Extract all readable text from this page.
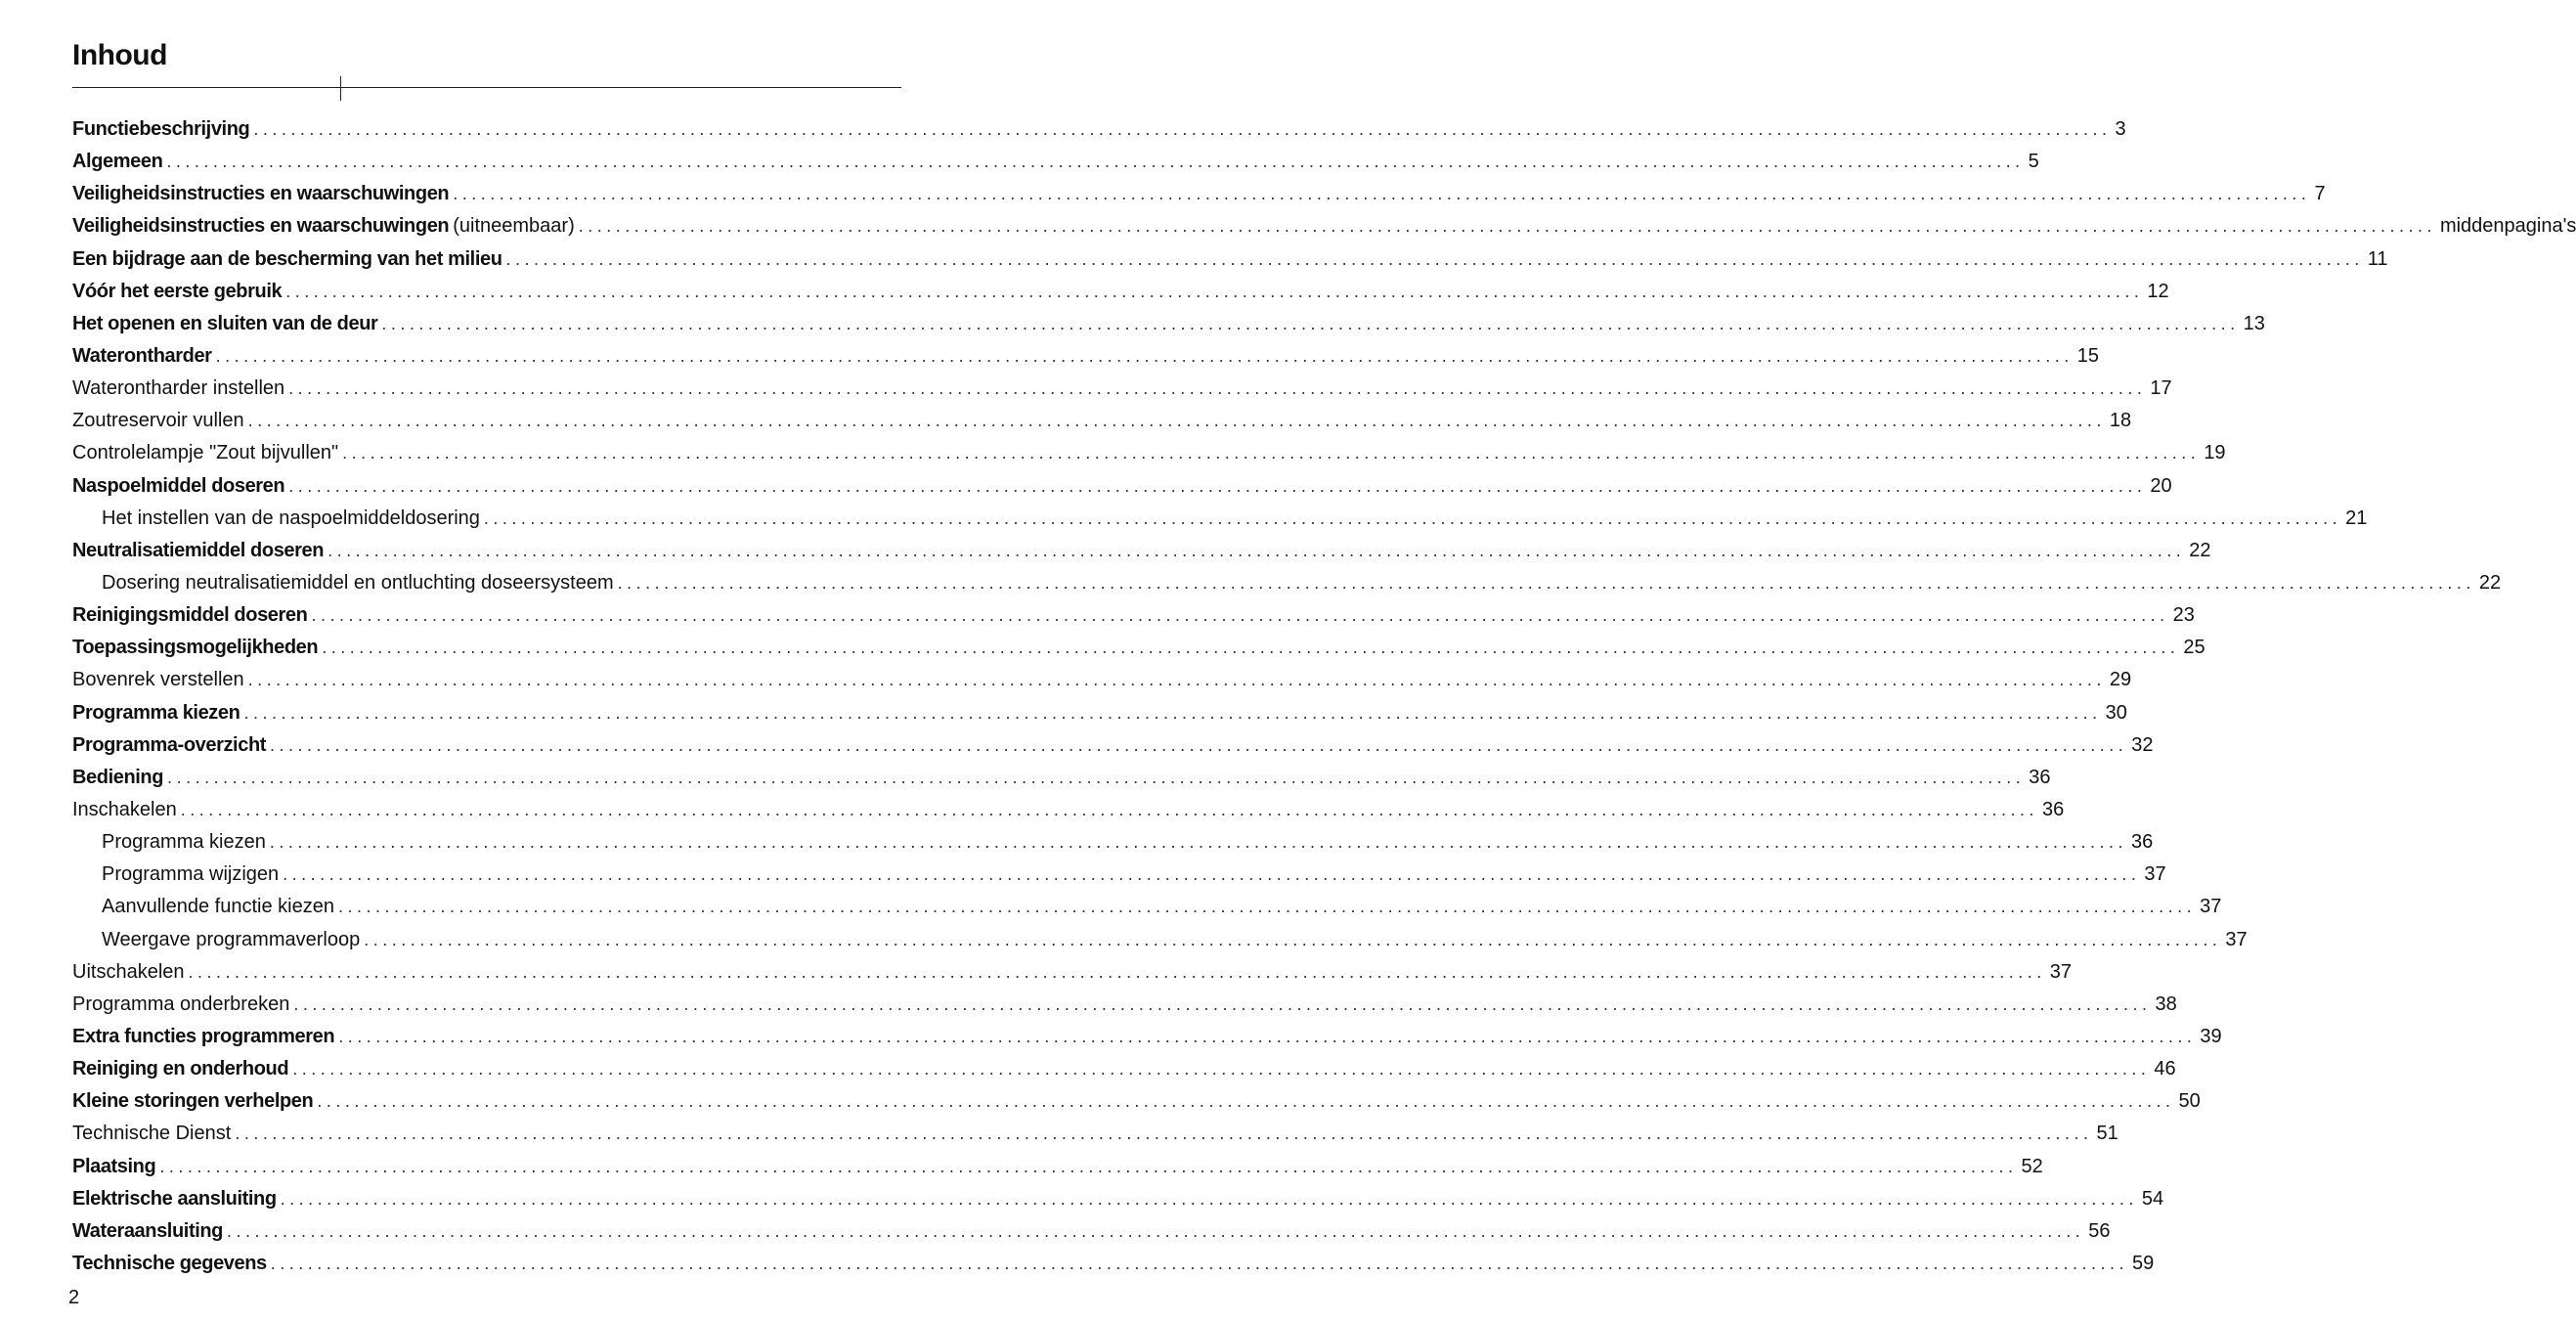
Inhoud
Functiebeschrijving ........................................................................................................................................................................................................ 3
Algemeen ........................................................................................................................................................................................................ 5
Veiligheidsinstructies en waarschuwingen ........................................................................................................................................................................................................ 7
Veiligheidsinstructies en waarschuwingen (uitneembaar) ........................................................................................................................................................................................................ middenpagina's
Een bijdrage aan de bescherming van het milieu ........................................................................................................................................................................................................ 11
Vóór het eerste gebruik ........................................................................................................................................................................................................ 12
Het openen en sluiten van de deur ........................................................................................................................................................................................................ 13
Waterontharder ........................................................................................................................................................................................................ 15
Waterontharder instellen ........................................................................................................................................................................................................ 17
Zoutreservoir vullen ........................................................................................................................................................................................................ 18
Controlelampje "Zout bijvullen" ........................................................................................................................................................................................................ 19
Naspoelmiddel doseren ........................................................................................................................................................................................................ 20
Het instellen van de naspoelmiddeldosering ........................................................................................................................................................................................................ 21
Neutralisatiemiddel doseren ........................................................................................................................................................................................................ 22
Dosering neutralisatiemiddel en ontluchting doseersysteem ........................................................................................................................................................................................................ 22
Reinigingsmiddel doseren ........................................................................................................................................................................................................ 23
Toepassingsmogelijkheden ........................................................................................................................................................................................................ 25
Bovenrek verstellen ........................................................................................................................................................................................................ 29
Programma kiezen ........................................................................................................................................................................................................ 30
Programma-overzicht ........................................................................................................................................................................................................ 32
Bediening ........................................................................................................................................................................................................ 36
Inschakelen ........................................................................................................................................................................................................ 36
Programma kiezen ........................................................................................................................................................................................................ 36
Programma wijzigen ........................................................................................................................................................................................................ 37
Aanvullende functie kiezen ........................................................................................................................................................................................................ 37
Weergave programmaverloop ........................................................................................................................................................................................................ 37
Uitschakelen ........................................................................................................................................................................................................ 37
Programma onderbreken ........................................................................................................................................................................................................ 38
Extra functies programmeren ........................................................................................................................................................................................................ 39
Reiniging en onderhoud ........................................................................................................................................................................................................ 46
Kleine storingen verhelpen ........................................................................................................................................................................................................ 50
Technische Dienst ........................................................................................................................................................................................................ 51
Plaatsing ........................................................................................................................................................................................................ 52
Elektrische aansluiting ........................................................................................................................................................................................................ 54
Wateraansluiting ........................................................................................................................................................................................................ 56
Technische gegevens ........................................................................................................................................................................................................ 59
2
